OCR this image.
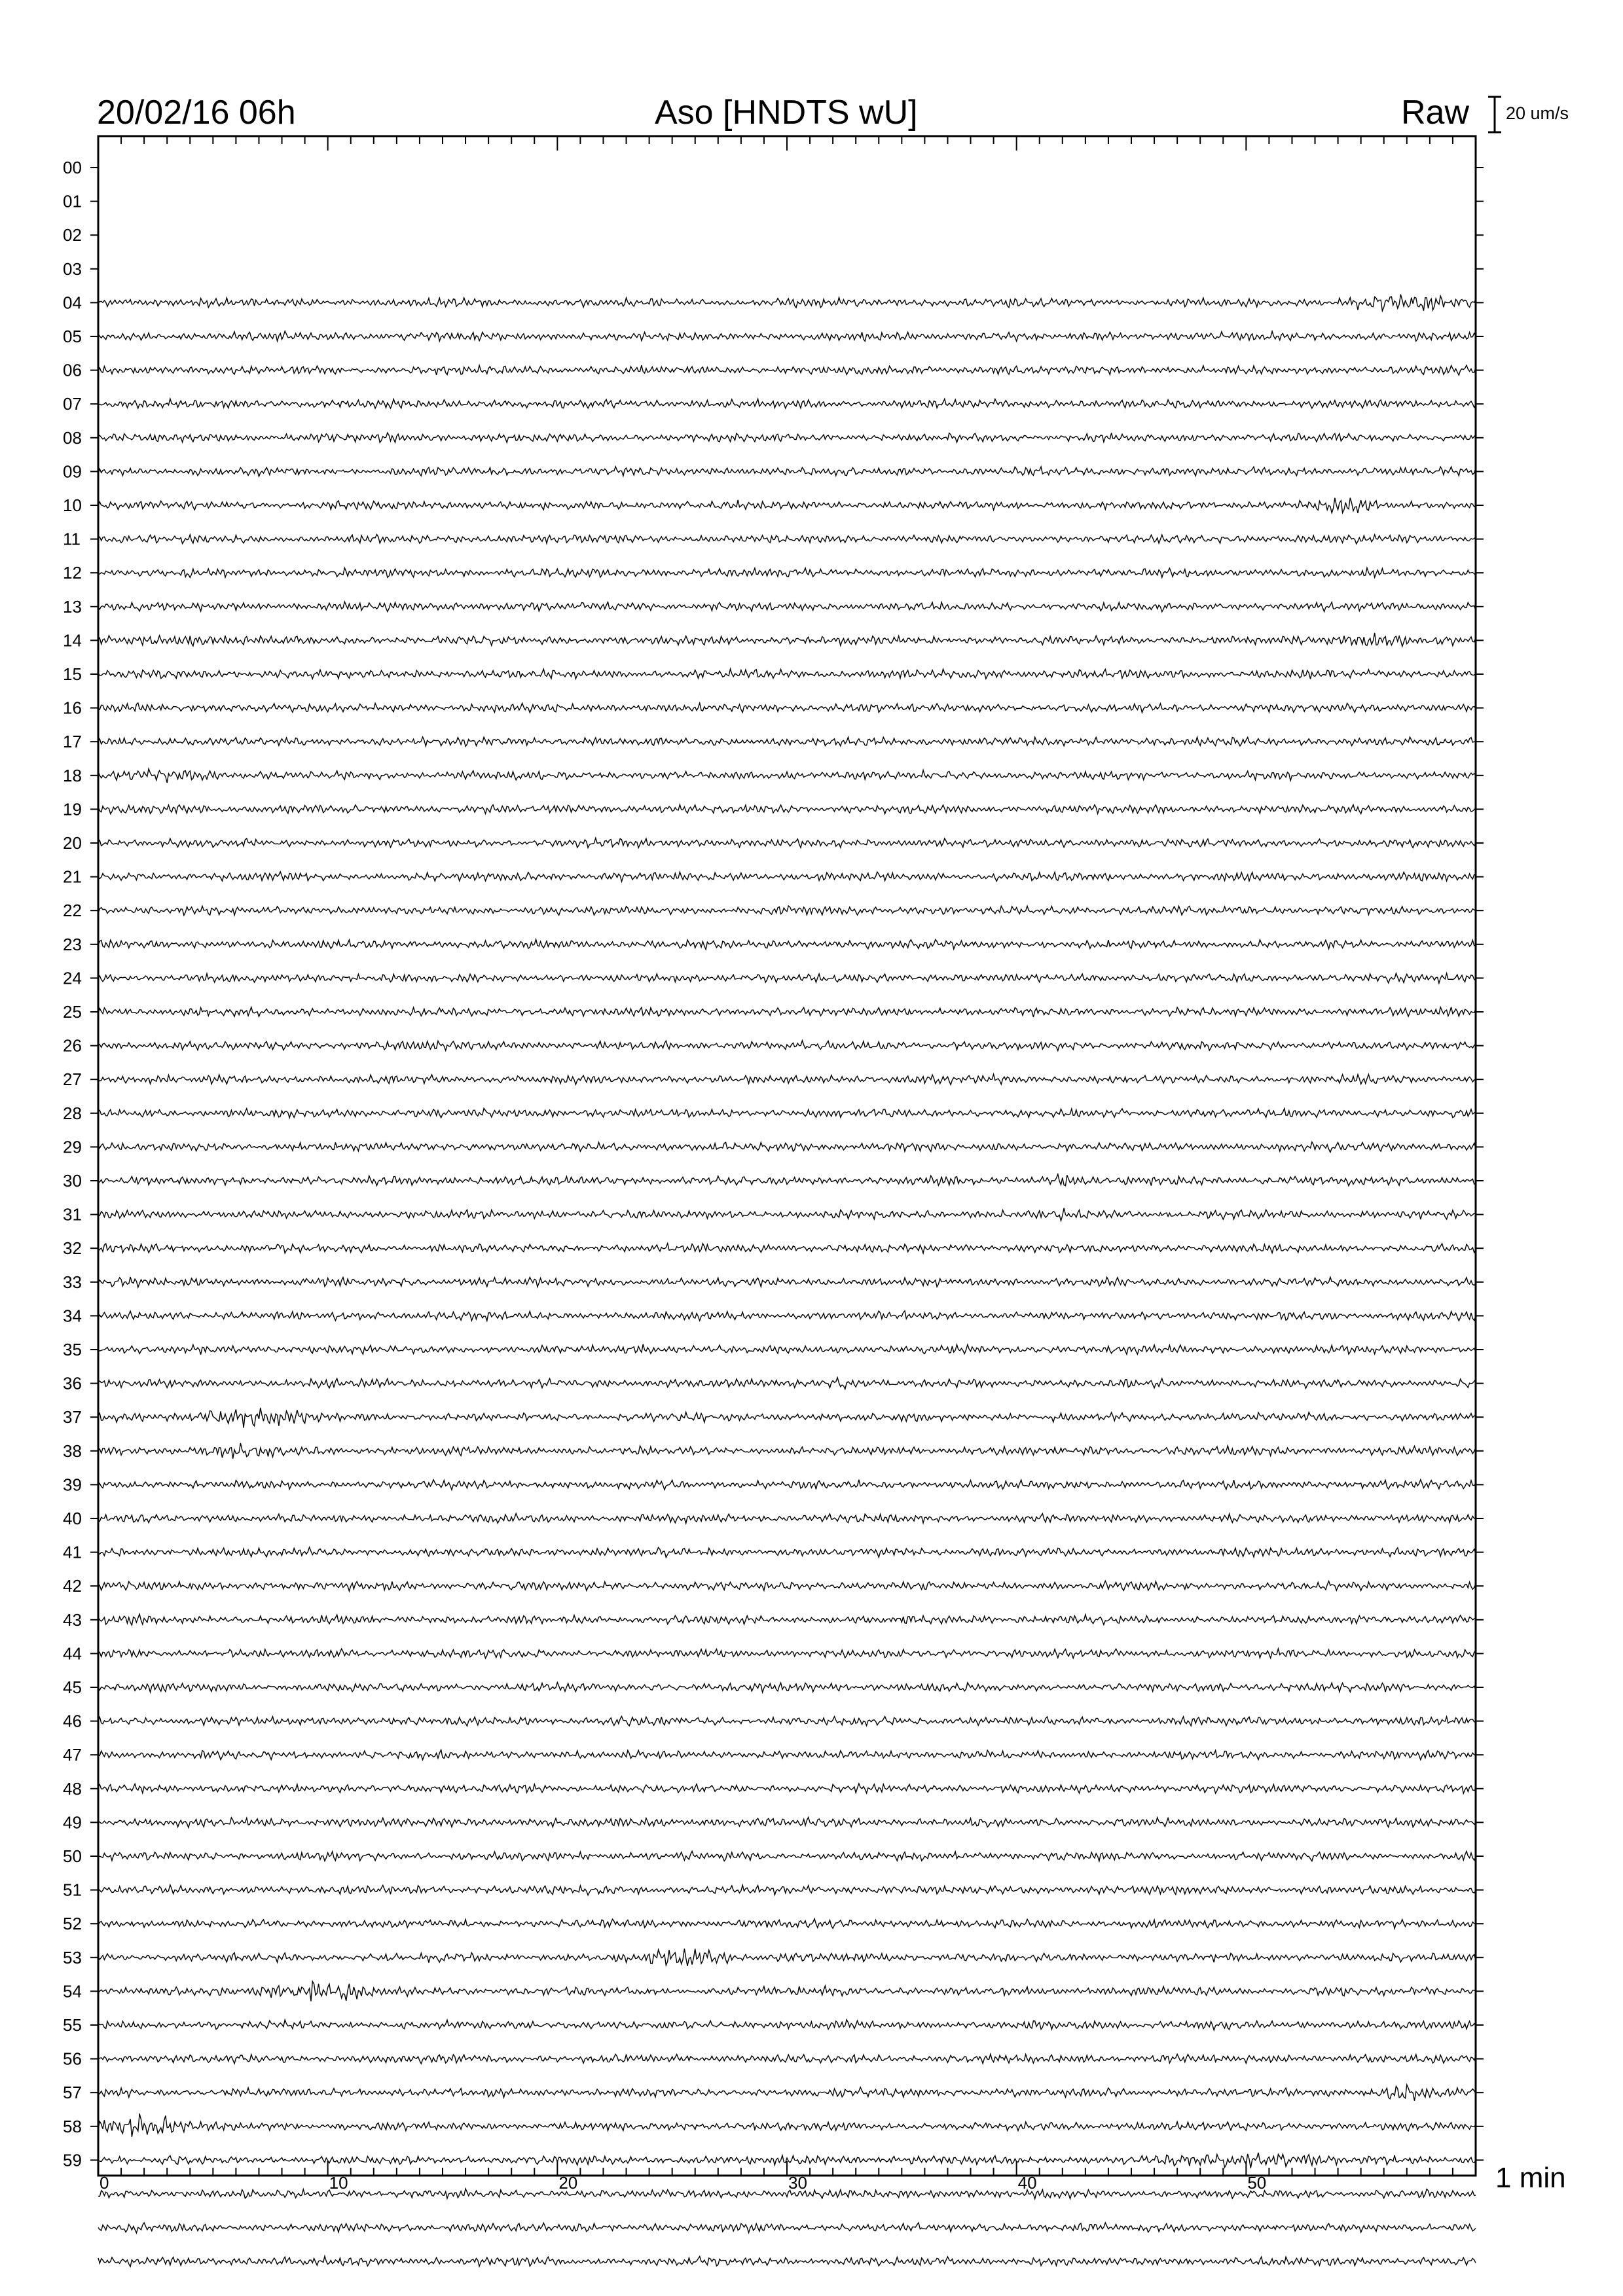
00
01
02
03
04
05
06
07
08
09
10
11
12
13
14
15
16
17
18
19
20
21
22
23
24
25
26
27
28
29
30
31
32
33
34
35
36
37
38
39
40
41
42
43
44
45
46
47
48
49
50
51
52
53
54
55
56
57
58
59
0	10	20	30	40	50
20/02/16 06h	Aso [HNDTS wU]	Raw 20 um/s
1 min
